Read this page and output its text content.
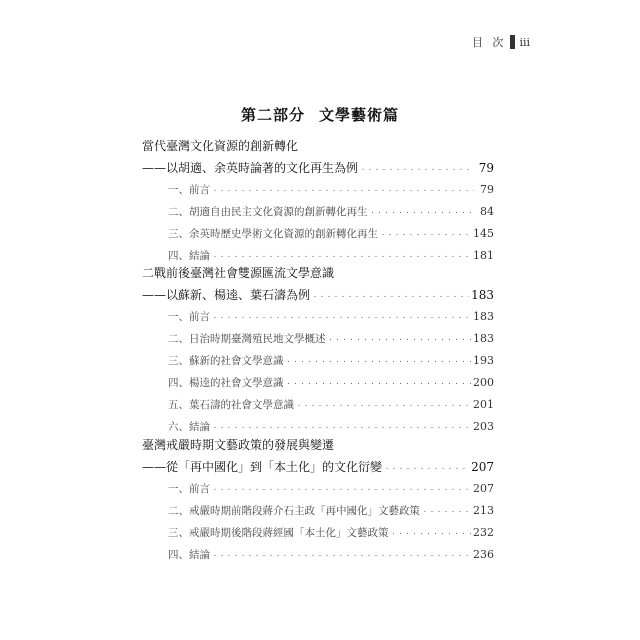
目 次 iii
第二部分 文學藝術篇
當代臺灣文化資源的創新轉化
——以胡適、余英時論著的文化再生為例 ・・・・・・・・・・・・・・・・・・・・・・・・・・・・・・・・・・・・・・・・・・・・・・・・・・・・・・・・・・・・・・・・・・	79
一、前言 ・・・・・・・・・・・・・・・・・・・・・・・・・・・・・・・・・・・・・・・・・・・・・・・・・・・・・・・・・・・・・・・・・・	79
二、胡適自由民主文化資源的創新轉化再生 ・・・・・・・・・・・・・・・・・・・・・・・・・・・・・・・・・・・・・・・・・・・・・・・・・・・・・・・・・・・・・・・・・・	84
三、余英時歷史學術文化資源的創新轉化再生 ・・・・・・・・・・・・・・・・・・・・・・・・・・・・・・・・・・・・・・・・・・・・・・・・・・・・・・・・・・・・・・・・・・	145
四、結論 ・・・・・・・・・・・・・・・・・・・・・・・・・・・・・・・・・・・・・・・・・・・・・・・・・・・・・・・・・・・・・・・・・・	181
二戰前後臺灣社會雙源匯流文學意識
——以蘇新、楊逵、葉石濤為例 ・・・・・・・・・・・・・・・・・・・・・・・・・・・・・・・・・・・・・・・・・・・・・・・・・・・・・・・・・・・・・・・・・・	183
一、前言 ・・・・・・・・・・・・・・・・・・・・・・・・・・・・・・・・・・・・・・・・・・・・・・・・・・・・・・・・・・・・・・・・・・	183
二、日治時期臺灣殖民地文學概述 ・・・・・・・・・・・・・・・・・・・・・・・・・・・・・・・・・・・・・・・・・・・・・・・・・・・・・・・・・・・・・・・・・・	183
三、蘇新的社會文學意識 ・・・・・・・・・・・・・・・・・・・・・・・・・・・・・・・・・・・・・・・・・・・・・・・・・・・・・・・・・・・・・・・・・・	193
四、楊逵的社會文學意識 ・・・・・・・・・・・・・・・・・・・・・・・・・・・・・・・・・・・・・・・・・・・・・・・・・・・・・・・・・・・・・・・・・・	200
五、葉石濤的社會文學意識 ・・・・・・・・・・・・・・・・・・・・・・・・・・・・・・・・・・・・・・・・・・・・・・・・・・・・・・・・・・・・・・・・・・	201
六、結論 ・・・・・・・・・・・・・・・・・・・・・・・・・・・・・・・・・・・・・・・・・・・・・・・・・・・・・・・・・・・・・・・・・・	203
臺灣戒嚴時期文藝政策的發展與變遷
——從「再中國化」到「本土化」的文化衍變 ・・・・・・・・・・・・・・・・・・・・・・・・・・・・・・・・・・・・・・・・・・・・・・・・・・・・・・・・・・・・・・・・・・	207
一、前言 ・・・・・・・・・・・・・・・・・・・・・・・・・・・・・・・・・・・・・・・・・・・・・・・・・・・・・・・・・・・・・・・・・・	207
二、戒嚴時期前階段蔣介石主政「再中國化」文藝政策 ・・・・・・・・・・・・・・・・・・・・・・・・・・・・・・・・・・・・・・・・・・・・・・・・・・・・・・・・・・・・・・・・・・	213
三、戒嚴時期後階段蔣經國「本土化」文藝政策 ・・・・・・・・・・・・・・・・・・・・・・・・・・・・・・・・・・・・・・・・・・・・・・・・・・・・・・・・・・・・・・・・・・	232
四、結論 ・・・・・・・・・・・・・・・・・・・・・・・・・・・・・・・・・・・・・・・・・・・・・・・・・・・・・・・・・・・・・・・・・・	236
